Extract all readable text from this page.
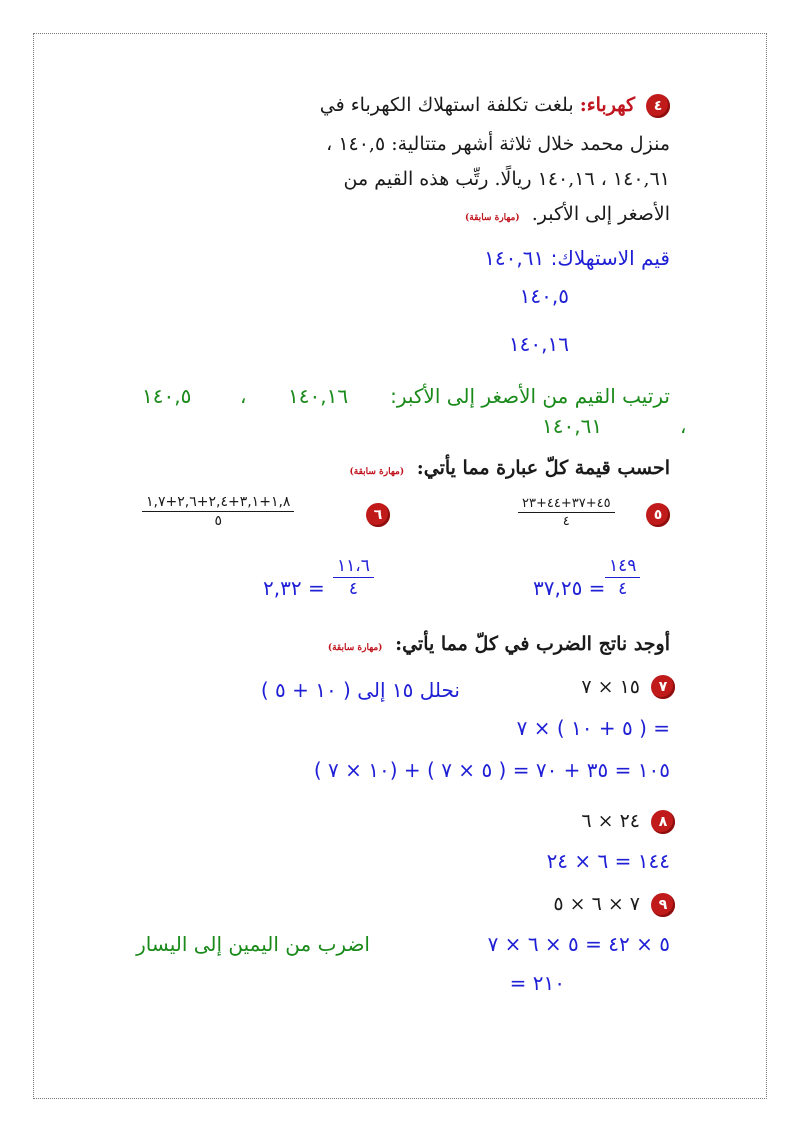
٤
كهرباء: بلغت تكلفة استهلاك الكهرباء في
منزل محمد خلال ثلاثة أشهر متتالية: ١٤٠,٥ ،
١٤٠,٦١ ، ١٤٠,١٦ ريالًا. رتِّب هذه القيم من
الأصغر إلى الأكبر. (مهارة سابقة)
قيم الاستهلاك: ١٤٠,٦١
١٤٠,٥
١٤٠,١٦
ترتيب القيم من الأصغر إلى الأكبر:
١٤٠,١٦
،
١٤٠,٥
،
١٤٠,٦١
احسب قيمة كلّ عبارة مما يأتي: (مهارة سابقة)
٥
٤٥+٣٧+٤٤+٢٣
٤
٦
١,٨+٣,١+٢,٤+٢,٦+١,٧
٥
٣٧,٢٥ =
١٤٩
٤
٢,٣٢ =
١١،٦
٤
أوجد ناتج الضرب في كلّ مما يأتي: (مهارة سابقة)
٧
١٥ × ٧
نحلل ١٥ إلى ( ١٠ + ٥ )
= ( ٥ + ١٠ ) × ٧
١٠٥ = ٣٥ + ٧٠ = ( ٥ × ٧ ) + (١٠ × ٧ )
٨
٢٤ × ٦
١٤٤ = ٦ × ٢٤
٩
٧ × ٦ × ٥
٥ × ٤٢ = ٥ × ٦ × ٧
اضرب من اليمين إلى اليسار
٢١٠ =
